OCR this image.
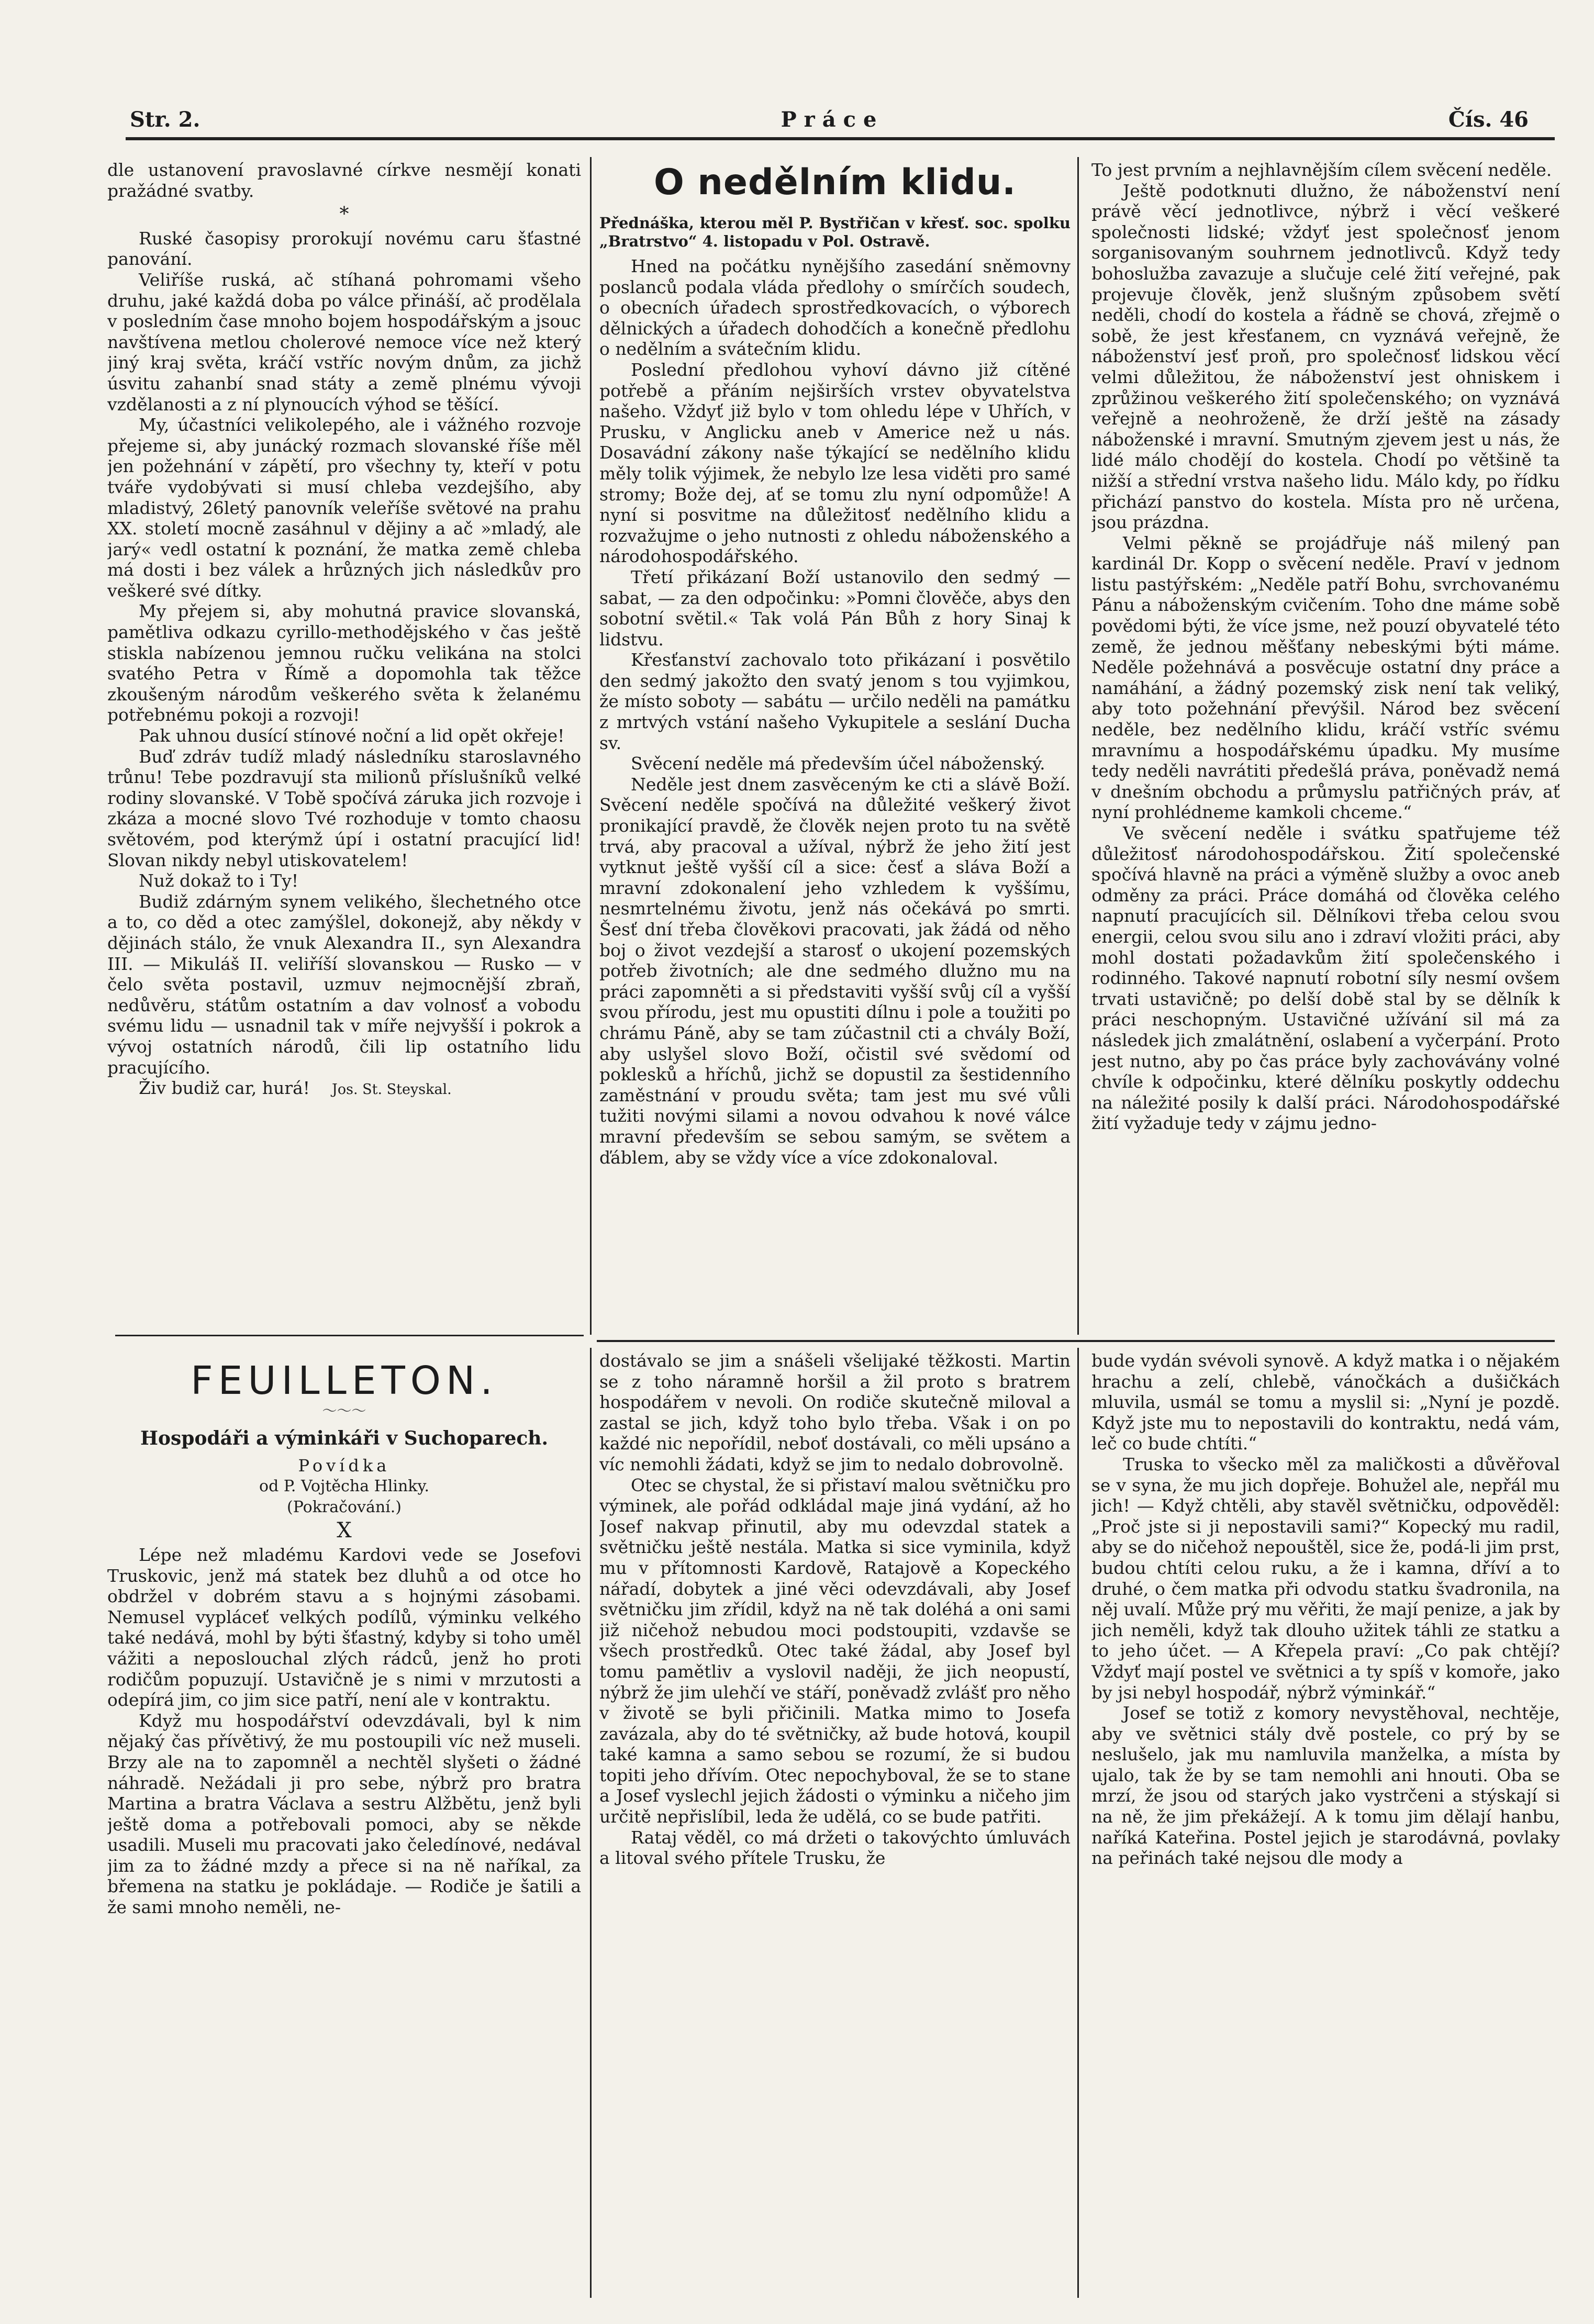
Str. 2.	Práce	Čís. 46

dle ustanovení pravoslavné církve nesmějí konati pražádné svatby.

*

Ruské časopisy prorokují novému caru šťastné panování.

Veliříše ruská, ač stíhaná pohromami všeho druhu, jaké každá doba po válce přináší, ač prodělala v posledním čase mnoho bojem hospodářským a jsouc navštívena metlou cholerové nemoce více než který jiný kraj světa, kráčí vstříc novým dnům, za jichž úsvitu zahanbí snad státy a země plnému vývoji vzdělanosti a z ní plynoucích výhod se těšící.

My, účastníci velikolepého, ale i vážného rozvoje přejeme si, aby junácký rozmach slovanské říše měl jen požehnání v zápětí, pro všechny ty, kteří v potu tváře vydobývati si musí chleba vezdejšího, aby mladistvý, 26letý panovník veleříše světové na prahu XX. století mocně zasáhnul v dějiny a ač »mladý, ale jarý« vedl ostatní k poznání, že matka země chleba má dosti i bez válek a hrůzných jich následkův pro veškeré své dítky.

My přejem si, aby mohutná pravice slovanská, pamětliva odkazu cyrillo-methodějského v čas ještě stiskla nabízenou jemnou ručku velikána na stolci svatého Petra v Římě a dopomohla tak těžce zkoušeným národům veškerého světa k želanému potřebnému pokoji a rozvoji!

Pak uhnou dusící stínové noční a lid opět okřeje!

Buď zdráv tudíž mladý následníku staroslavného trůnu! Tebe pozdravují sta milionů příslušníků velké rodiny slovanské. V Tobě spočívá záruka jich rozvoje i zkáza a mocné slovo Tvé rozhoduje v tomto chaosu světovém, pod kterýmž úpí i ostatní pracující lid! Slovan nikdy nebyl utiskovatelem!

Nuž dokaž to i Ty!

Budiž zdárným synem velikého, šlechetného otce a to, co děd a otec zamýšlel, dokonejž, aby někdy v dějinách stálo, že vnuk Alexandra II., syn Alexandra III. — Mikuláš II. veliříší slovanskou — Rusko — v čelo světa postavil, uzmuv nejmocnější zbraň, nedůvěru, státům ostatním a dav volnosť a vobodu svému lidu — usnadnil tak v míře nejvyšší i pokrok a vývoj ostatních národů, čili lip ostatního lidu pracujícího.

Živ budiž car, hurá! Jos. St. Steyskal.

O nedělním klidu.
Přednáška, kterou měl P. Bystřičan v křesť. soc. spolku „Bratrstvo“ 4. listopadu v Pol. Ostravě.

Hned na počátku nynějšího zasedání sněmovny poslanců podala vláda předlohy o smírčích soudech, o obecních úřadech sprostředkovacích, o výborech dělnických a úřadech dohodčích a konečně předlohu o nedělním a svátečním klidu.

Poslední předlohou vyhoví dávno již cítěné potřebě a přáním nejširších vrstev obyvatelstva našeho. Vždyť již bylo v tom ohledu lépe v Uhřích, v Prusku, v Anglicku aneb v Americe než u nás. Dosavádní zákony naše týkající se nedělního klidu měly tolik výjimek, že nebylo lze lesa viděti pro samé stromy; Bože dej, ať se tomu zlu nyní odpomůže! A nyní si posvitme na důležitosť nedělního klidu a rozvažujme o jeho nutnosti z ohledu náboženského a národohospodářského.

Třetí přikázaní Boží ustanovilo den sedmý — sabat, — za den odpočinku: »Pomni člověče, abys den sobotní světil.« Tak volá Pán Bůh z hory Sinaj k lidstvu.

Křesťanství zachovalo toto přikázaní i posvětilo den sedmý jakožto den svatý jenom s tou vyjimkou, že místo soboty — sabátu — určilo neděli na památku z mrtvých vstání našeho Vykupitele a seslání Ducha sv.

Svěcení neděle má především účel náboženský.

Neděle jest dnem zasvěceným ke cti a slávě Boží. Svěcení neděle spočívá na důležité veškerý život pronikající pravdě, že člověk nejen proto tu na světě trvá, aby pracoval a užíval, nýbrž že jeho žití jest vytknut ještě vyšší cíl a sice: česť a sláva Boží a mravní zdokonalení jeho vzhledem k vyššímu, nesmrtelnému životu, jenž nás očekává po smrti. Šesť dní třeba člověkovi pracovati, jak žádá od něho boj o život vezdejší a starosť o ukojení pozemských potřeb životních; ale dne sedmého dlužno mu na práci zapomněti a si představiti vyšší svůj cíl a vyšší svou přírodu, jest mu opustiti dílnu i pole a toužiti po chrámu Páně, aby se tam zúčastnil cti a chvály Boží, aby uslyšel slovo Boží, očistil své svědomí od poklesků a hříchů, jichž se dopustil za šestidenního zaměstnání v proudu světa; tam jest mu své vůli tužiti novými silami a novou odvahou k nové válce mravní především se sebou samým, se světem a ďáblem, aby se vždy více a více zdokonaloval.

To jest prvním a nejhlavnějším cílem svěcení neděle.

Ještě podotknuti dlužno, že náboženství není právě věcí jednotlivce, nýbrž i věcí veškeré společnosti lidské; vždyť jest společnosť jenom sorganisovaným souhrnem jednotlivců. Když tedy bohoslužba zavazuje a slučuje celé žití veřejné, pak projevuje člověk, jenž slušným způsobem světí neděli, chodí do kostela a řádně se chová, zřejmě o sobě, že jest křesťanem, cn vyznává veřejně, že náboženství jesť proň, pro společnosť lidskou věcí velmi důležitou, že náboženství jest ohniskem i zprůžinou veškerého žití společenského; on vyznává veřejně a neohroženě, že drží ještě na zásady náboženské i mravní. Smutným zjevem jest u nás, že lidé málo chodějí do kostela. Chodí po většině ta nižší a střední vrstva našeho lidu. Málo kdy, po řídku přichází panstvo do kostela. Místa pro ně určena, jsou prázdna.

Velmi pěkně se projádřuje náš milený pan kardinál Dr. Kopp o svěcení neděle. Praví v jednom listu pastýřském: „Neděle patří Bohu, svrchovanému Pánu a náboženským cvičením. Toho dne máme sobě povědomi býti, že více jsme, než pouzí obyvatelé této země, že jednou měšťany nebeskými býti máme. Neděle požehnává a posvěcuje ostatní dny práce a namáhání, a žádný pozemský zisk není tak veliký, aby toto požehnání převýšil. Národ bez svěcení neděle, bez nedělního klidu, kráčí vstříc svému mravnímu a hospodářskému úpadku. My musíme tedy neděli navrátiti předešlá práva, poněvadž nemá v dnešním obchodu a průmyslu patřičných práv, ať nyní prohlédneme kamkoli chceme.“

Ve svěcení neděle i svátku spatřujeme též důležitosť národohospodářskou. Žití společenské spočívá hlavně na práci a výměně služby a ovoc aneb odměny za práci. Práce domáhá od člověka celého napnutí pracujících sil. Dělníkovi třeba celou svou energii, celou svou silu ano i zdraví vložiti práci, aby mohl dostati požadavkům žití společenského i rodinného. Takové napnutí robotní síly nesmí ovšem trvati ustavičně; po delší době stal by se dělník k práci neschopným. Ustavičné užívání sil má za následek jich zmalátnění, oslabení a vyčerpání. Proto jest nutno, aby po čas práce byly zachovávány volné chvíle k odpočinku, které dělníku poskytly oddechu na náležité posily k další práci. Národohospodářské žití vyžaduje tedy v zájmu jedno-

FEUILLETON.
〜〜〜
Hospodáři a výminkáři v Suchoparech.
Povídka
od P. Vojtěcha Hlinky.
(Pokračování.)
X

Lépe než mladému Kardovi vede se Josefovi Truskovic, jenž má statek bez dluhů a od otce ho obdržel v dobrém stavu a s hojnými zásobami. Nemusel vypláceť velkých podílů, výminku velkého také nedává, mohl by býti šťastný, kdyby si toho uměl vážiti a neposlouchal zlých rádců, jenž ho proti rodičům popuzují. Ustavičně je s nimi v mrzutosti a odepírá jim, co jim sice patří, není ale v kontraktu.

Když mu hospodářství odevzdávali, byl k nim nějaký čas přívětivý, že mu postoupili víc než museli. Brzy ale na to zapomněl a nechtěl slyšeti o žádné náhradě. Nežádali ji pro sebe, nýbrž pro bratra Martina a bratra Václava a sestru Alžbětu, jenž byli ještě doma a potřebovali pomoci, aby se někde usadili. Museli mu pracovati jako čeledínové, nedával jim za to žádné mzdy a přece si na ně naříkal, za břemena na statku je pokládaje. — Rodiče je šatili a že sami mnoho neměli, ne-

dostávalo se jim a snášeli všelijaké těžkosti. Martin se z toho náramně horšil a žil proto s bratrem hospodářem v nevoli. On rodiče skutečně miloval a zastal se jich, když toho bylo třeba. Však i on po každé nic nepořídil, neboť dostávali, co měli upsáno a víc nemohli žádati, když se jim to nedalo dobrovolně.

Otec se chystal, že si přistaví malou světničku pro výminek, ale pořád odkládal maje jiná vydání, až ho Josef nakvap přinutil, aby mu odevzdal statek a světničku ještě nestála. Matka si sice vyminila, když mu v přítomnosti Kardově, Ratajově a Kopeckého nářadí, dobytek a jiné věci odevzdávali, aby Josef světničku jim zřídil, když na ně tak doléhá a oni sami již ničehož nebudou moci podstoupiti, vzdavše se všech prostředků. Otec také žádal, aby Josef byl tomu pamětliv a vyslovil naději, že jich neopustí, nýbrž že jim ulehčí ve stáří, poněvadž zvlášť pro něho v životě se byli přičinili. Matka mimo to Josefa zavázala, aby do té světničky, až bude hotová, koupil také kamna a samo sebou se rozumí, že si budou topiti jeho dřívím. Otec nepochyboval, že se to stane a Josef vyslechl jejich žádosti o výminku a ničeho jim určitě nepřislíbil, leda že udělá, co se bude patřiti.

Rataj věděl, co má držeti o takovýchto úmluvách a litoval svého přítele Trusku, že

bude vydán svévoli synově. A když matka i o nějakém hrachu a zelí, chlebě, vánočkách a dušičkách mluvila, usmál se tomu a myslil si: „Nyní je pozdě. Když jste mu to nepostavili do kontraktu, nedá vám, leč co bude chtíti.“

Truska to všecko měl za maličkosti a důvěřoval se v syna, že mu jich dopřeje. Bohužel ale, nepřál mu jich! — Když chtěli, aby stavěl světničku, odpověděl: „Proč jste si ji nepostavili sami?“ Kopecký mu radil, aby se do ničehož nepouštěl, sice že, podá-li jim prst, budou chtíti celou ruku, a že i kamna, dříví a to druhé, o čem matka při odvodu statku švadronila, na něj uvalí. Může prý mu věřiti, že mají penize, a jak by jich neměli, když tak dlouho užitek táhli ze statku a to jeho účet. — A Křepela praví: „Co pak chtějí? Vždyť mají postel ve světnici a ty spíš v komoře, jako by jsi nebyl hospodář, nýbrž výminkář.“

Josef se totiž z komory nevystěhoval, nechtěje, aby ve světnici stály dvě postele, co prý by se neslušelo, jak mu namluvila manželka, a místa by ujalo, tak že by se tam nemohli ani hnouti. Oba se mrzí, že jsou od starých jako vystrčeni a stýskají si na ně, že jim překážejí. A k tomu jim dělají hanbu, naříká Kateřina. Postel jejich je starodávná, povlaky na peřinách také nejsou dle mody a
